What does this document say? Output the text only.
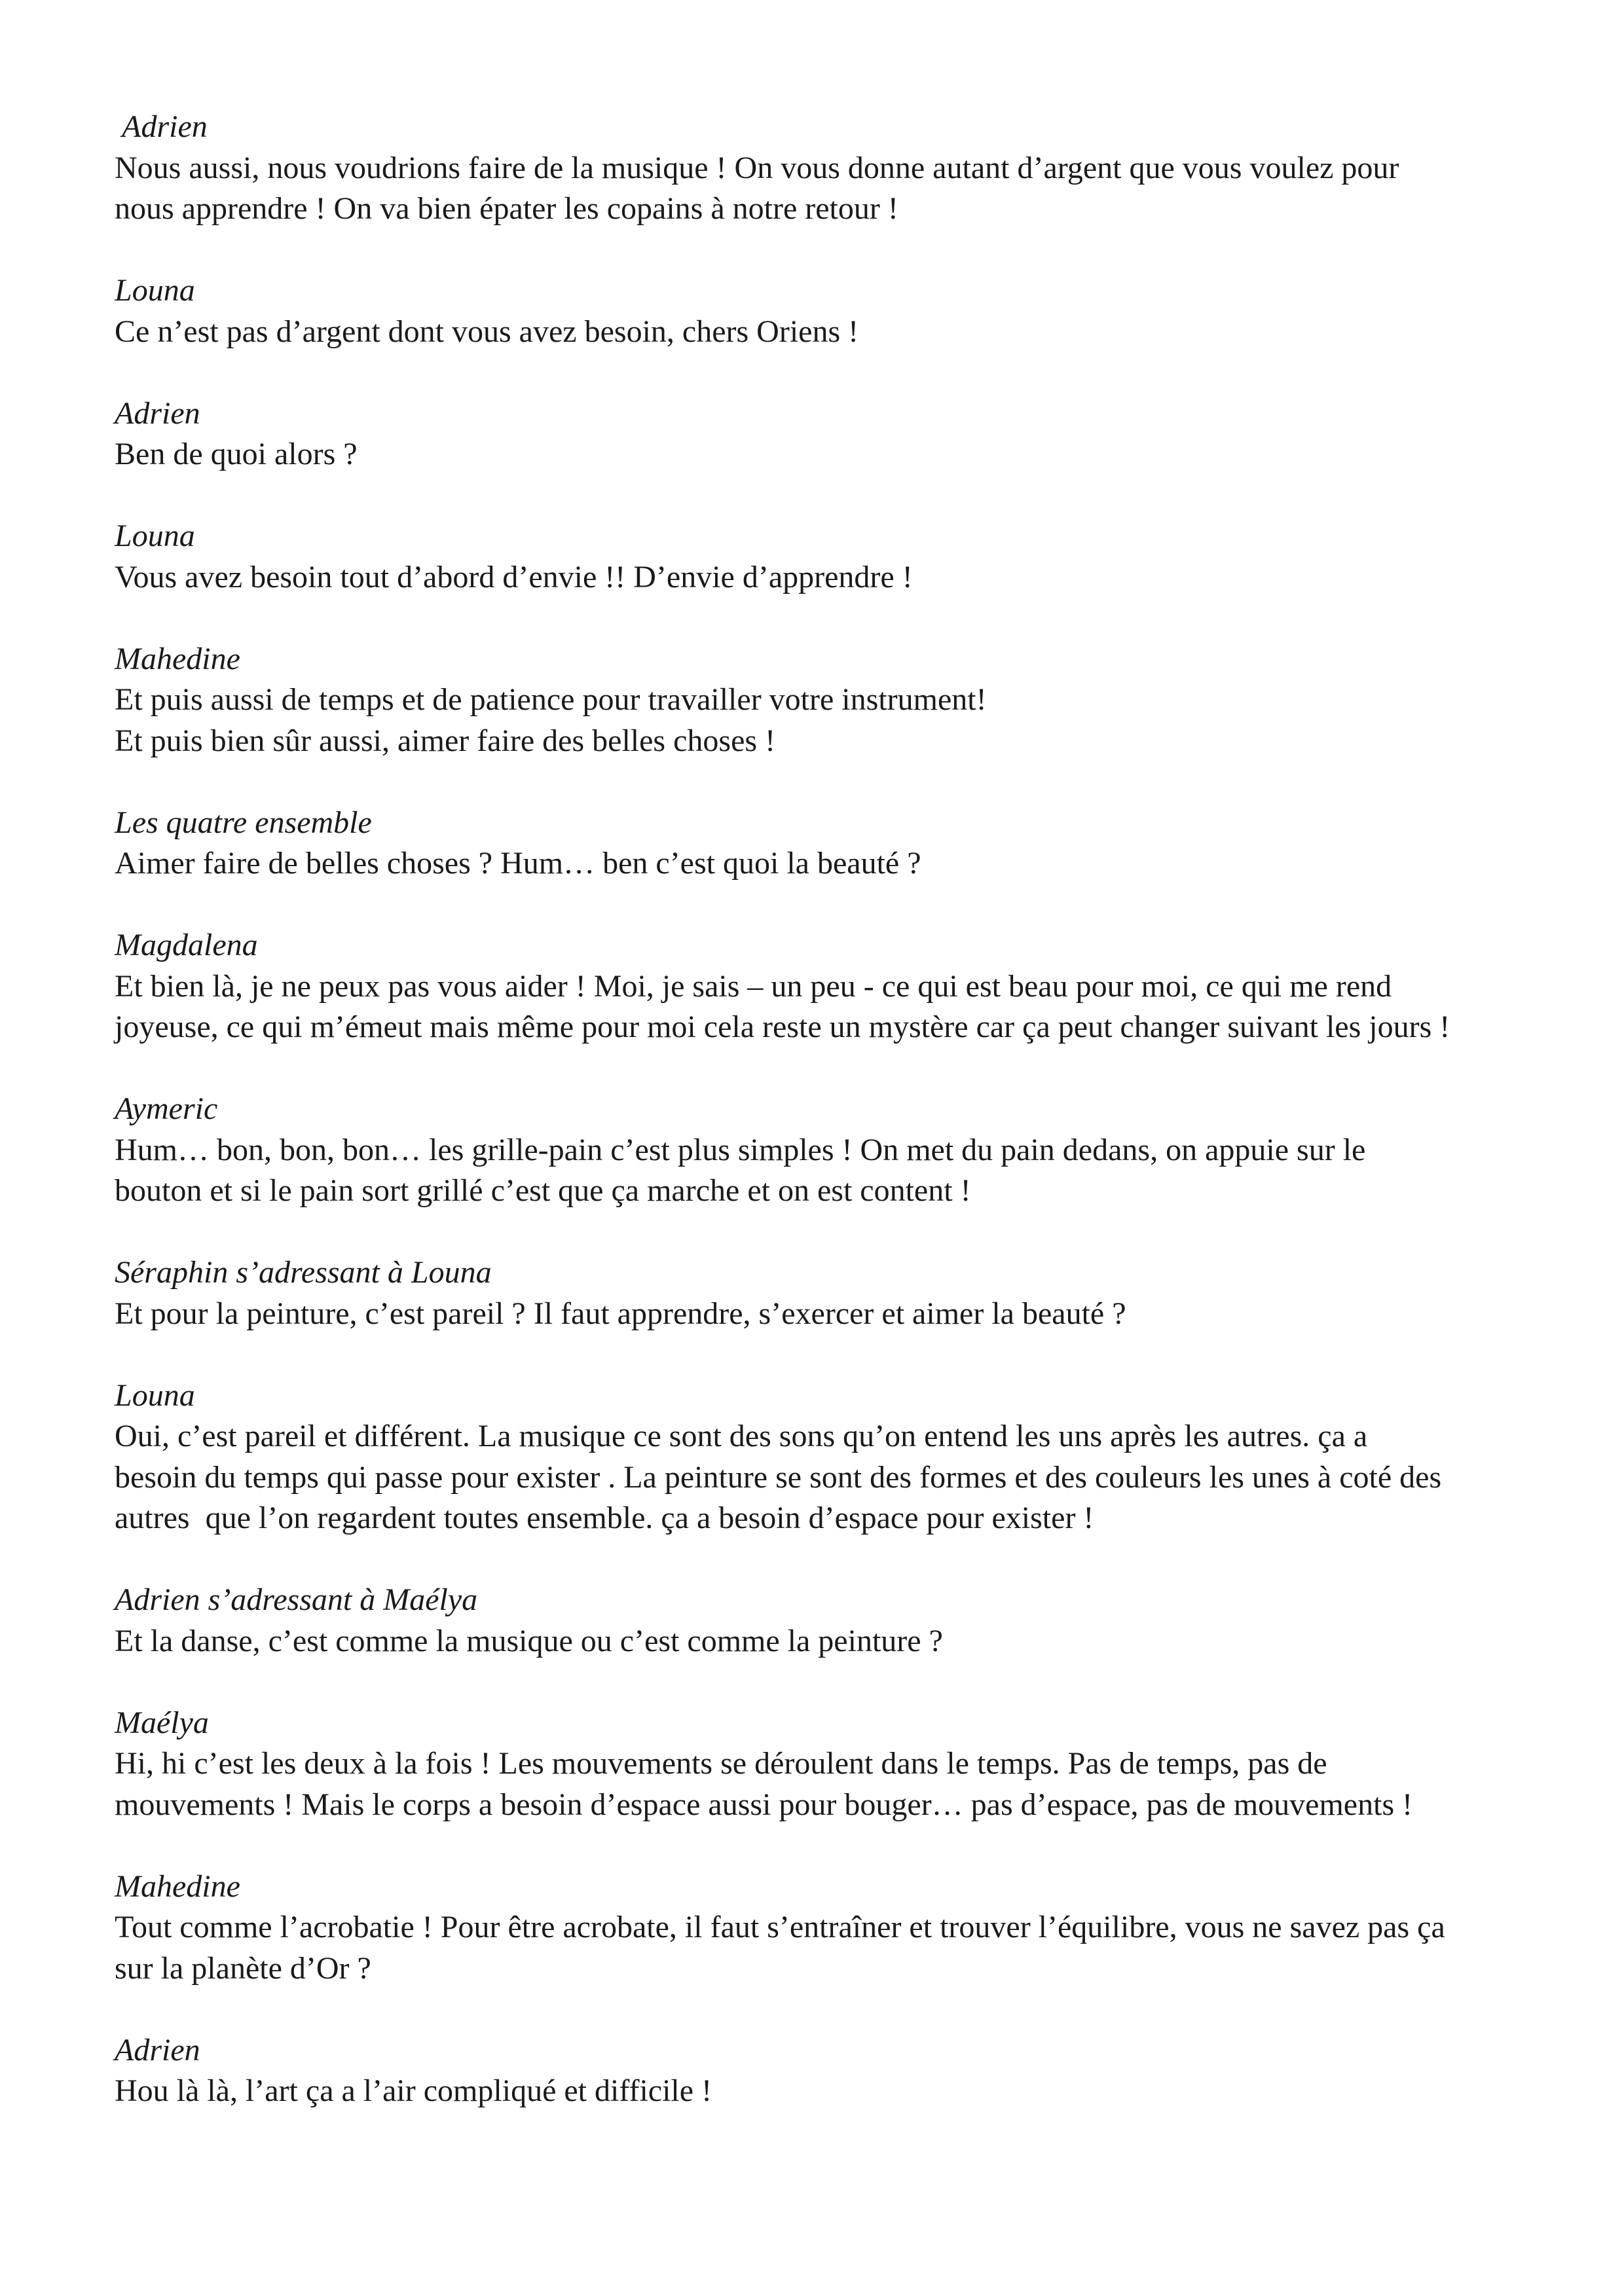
Adrien
Nous aussi, nous voudrions faire de la musique ! On vous donne autant d’argent que vous voulez pour
nous apprendre ! On va bien épater les copains à notre retour !
Louna
Ce n’est pas d’argent dont vous avez besoin, chers Oriens !
Adrien
Ben de quoi alors ?
Louna
Vous avez besoin tout d’abord d’envie !! D’envie d’apprendre !
Mahedine
Et puis aussi de temps et de patience pour travailler votre instrument!
Et puis bien sûr aussi, aimer faire des belles choses !
Les quatre ensemble
Aimer faire de belles choses ? Hum… ben c’est quoi la beauté ?
Magdalena
Et bien là, je ne peux pas vous aider ! Moi, je sais – un peu - ce qui est beau pour moi, ce qui me rend
joyeuse, ce qui m’émeut mais même pour moi cela reste un mystère car ça peut changer suivant les jours !
Aymeric
Hum… bon, bon, bon… les grille-pain c’est plus simples ! On met du pain dedans, on appuie sur le
bouton et si le pain sort grillé c’est que ça marche et on est content !
Séraphin s’adressant à Louna
Et pour la peinture, c’est pareil ? Il faut apprendre, s’exercer et aimer la beauté ?
Louna
Oui, c’est pareil et différent. La musique ce sont des sons qu’on entend les uns après les autres. ça a
besoin du temps qui passe pour exister . La peinture se sont des formes et des couleurs les unes à coté des
autres  que l’on regardent toutes ensemble. ça a besoin d’espace pour exister !
Adrien s’adressant à Maélya
Et la danse, c’est comme la musique ou c’est comme la peinture ?
Maélya
Hi, hi c’est les deux à la fois ! Les mouvements se déroulent dans le temps. Pas de temps, pas de
mouvements ! Mais le corps a besoin d’espace aussi pour bouger… pas d’espace, pas de mouvements !
Mahedine
Tout comme l’acrobatie ! Pour être acrobate, il faut s’entraîner et trouver l’équilibre, vous ne savez pas ça
sur la planète d’Or ?
Adrien
Hou là là, l’art ça a l’air compliqué et difficile !
